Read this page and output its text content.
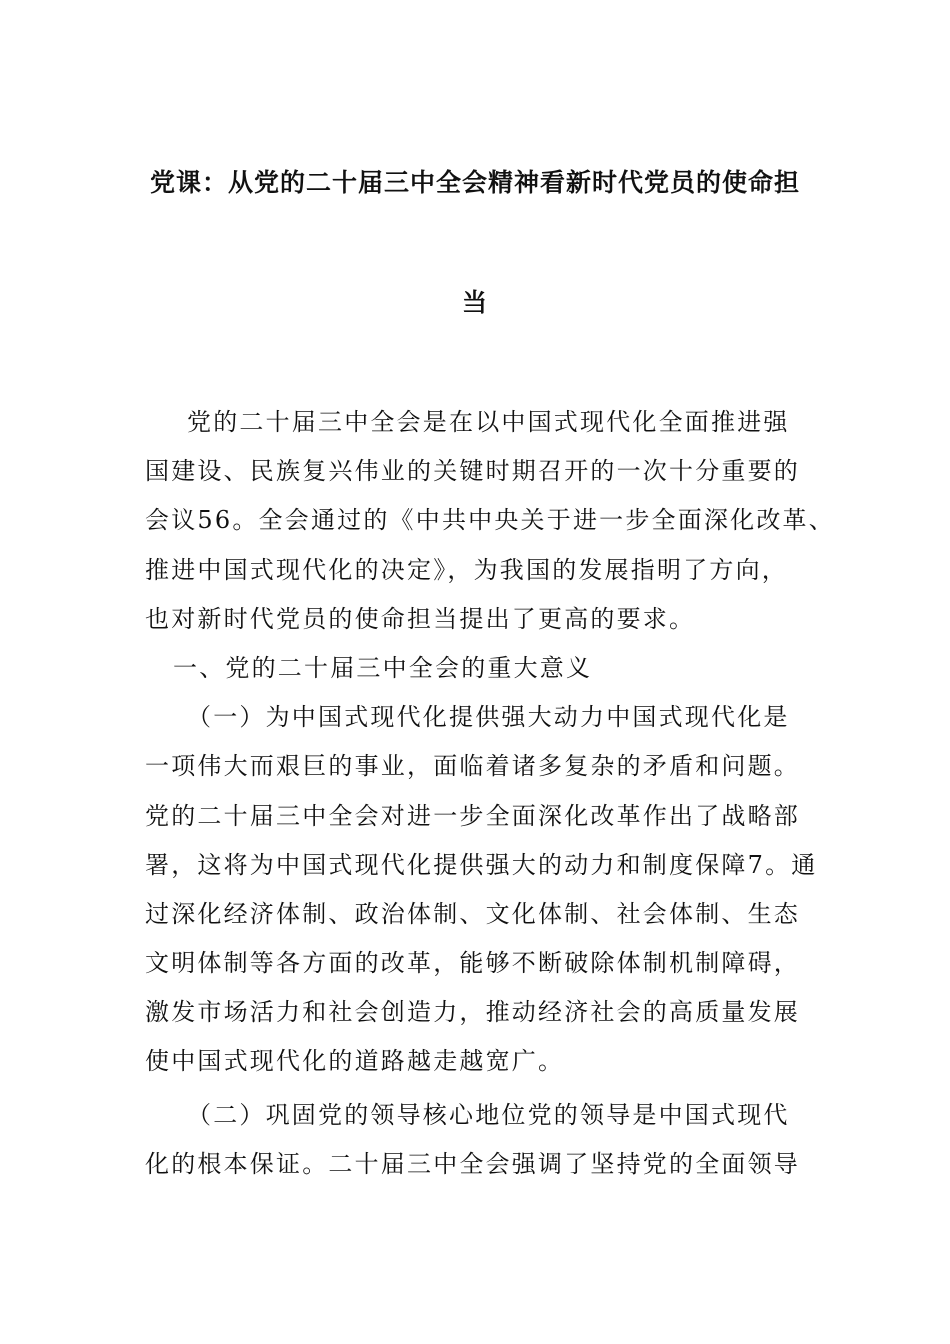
党课：从党的二十届三中全会精神看新时代党员的使命担
当
党的二十届三中全会是在以中国式现代化全面推进强
国建设、民族复兴伟业的关键时期召开的一次十分重要的
会议56。全会通过的《中共中央关于进一步全面深化改革、
推进中国式现代化的决定》，为我国的发展指明了方向，
也对新时代党员的使命担当提出了更高的要求。
一、党的二十届三中全会的重大意义
（一）为中国式现代化提供强大动力中国式现代化是
一项伟大而艰巨的事业，面临着诸多复杂的矛盾和问题。
党的二十届三中全会对进一步全面深化改革作出了战略部
署，这将为中国式现代化提供强大的动力和制度保障7。通
过深化经济体制、政治体制、文化体制、社会体制、生态
文明体制等各方面的改革，能够不断破除体制机制障碍，
激发市场活力和社会创造力，推动经济社会的高质量发展
使中国式现代化的道路越走越宽广。
（二）巩固党的领导核心地位党的领导是中国式现代
化的根本保证。二十届三中全会强调了坚持党的全面领导
